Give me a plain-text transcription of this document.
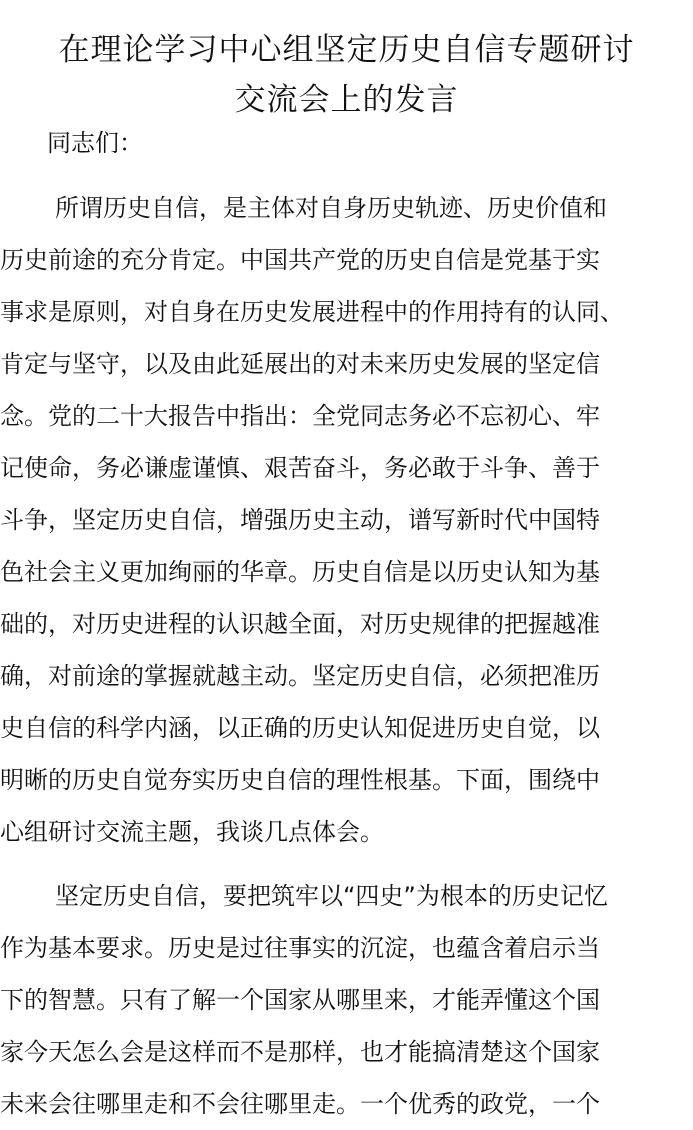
在理论学习中心组坚定历史自信专题研讨
交流会上的发言
同志们：
所谓历史自信，是主体对自身历史轨迹、历史价值和
历史前途的充分肯定。中国共产党的历史自信是党基于实
事求是原则，对自身在历史发展进程中的作用持有的认同、
肯定与坚守，以及由此延展出的对未来历史发展的坚定信
念。党的二十大报告中指出：全党同志务必不忘初心、牢
记使命，务必谦虚谨慎、艰苦奋斗，务必敢于斗争、善于
斗争，坚定历史自信，增强历史主动，谱写新时代中国特
色社会主义更加绚丽的华章。历史自信是以历史认知为基
础的，对历史进程的认识越全面，对历史规律的把握越准
确，对前途的掌握就越主动。坚定历史自信，必须把准历
史自信的科学内涵，以正确的历史认知促进历史自觉，以
明晰的历史自觉夯实历史自信的理性根基。下面，围绕中
心组研讨交流主题，我谈几点体会。
坚定历史自信，要把筑牢以“四史”为根本的历史记忆
作为基本要求。历史是过往事实的沉淀，也蕴含着启示当
下的智慧。只有了解一个国家从哪里来，才能弄懂这个国
家今天怎么会是这样而不是那样，也才能搞清楚这个国家
未来会往哪里走和不会往哪里走。一个优秀的政党，一个
